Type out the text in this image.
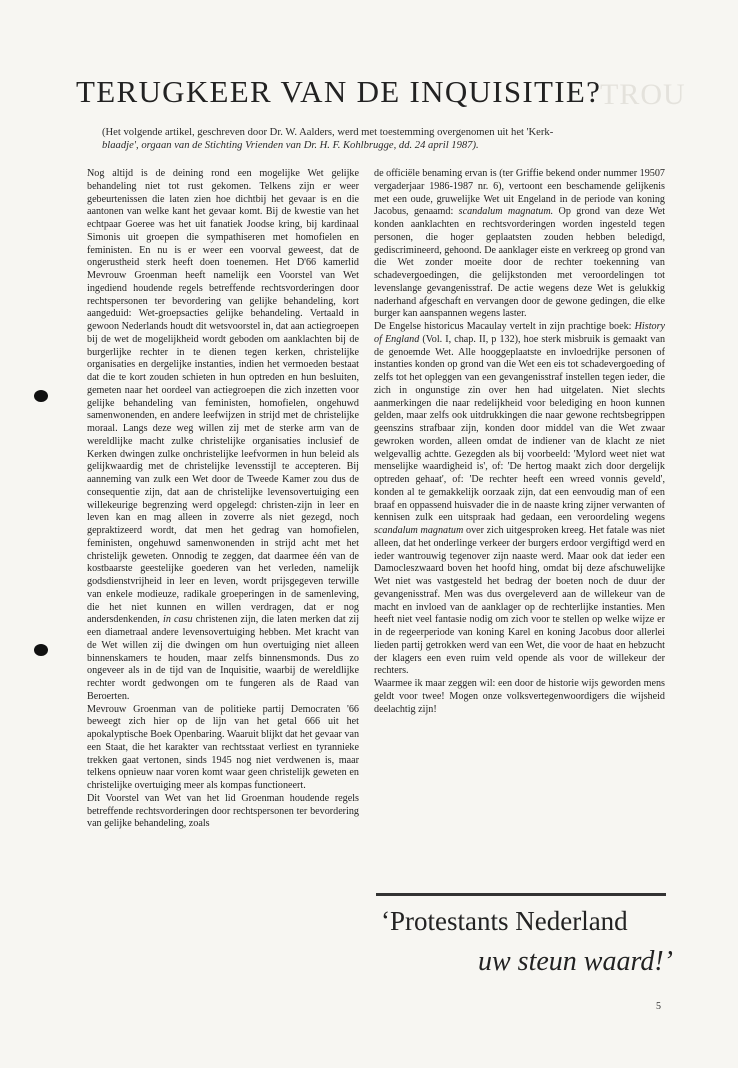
TROU
TERUGKEER VAN DE INQUISITIE?
(Het volgende artikel, geschreven door Dr. W. Aalders, werd met toestemming overgenomen uit het 'Kerk-
blaadje', orgaan van de Stichting Vrienden van Dr. H. F. Kohlbrugge, dd. 24 april 1987).

Nog altijd is de deining rond een mogelijke Wet gelijke behandeling niet tot rust gekomen. Telkens zijn er weer gebeurtenissen die laten zien hoe dichtbij het gevaar is en die aantonen van welke kant het gevaar komt. Bij de kwestie van het echtpaar Goeree was het uit fanatiek Joodse kring, bij kardinaal Simonis uit groepen die sympathiseren met homofielen en feministen. En nu is er weer een voorval geweest, dat de ongerustheid sterk heeft doen toenemen. Het D'66 kamerlid Mevrouw Groenman heeft namelijk een Voorstel van Wet ingediend houdende regels betreffende rechtsvorderingen door rechtspersonen ter bevordering van gelijke behandeling, kort aangeduid: Wet-groepsacties gelijke behandeling. Vertaald in gewoon Nederlands houdt dit wetsvoorstel in, dat aan actiegroepen bij de wet de mogelijkheid wordt geboden om aanklachten bij de burgerlijke rechter in te dienen tegen kerken, christelijke organisaties en dergelijke instanties, indien het vermoeden bestaat dat die te kort zouden schieten in hun optreden en hun besluiten, gemeten naar het oordeel van actiegroepen die zich inzetten voor gelijke behandeling van feministen, homofielen, ongehuwd samenwonenden, en andere leefwijzen in strijd met de christelijke moraal. Langs deze weg willen zij met de sterke arm van de wereldlijke macht zulke christelijke organisaties inclusief de Kerken dwingen zulke onchristelijke leefvormen in hun beleid als gelijkwaardig met de christelijke levensstijl te accepteren. Bij aanneming van zulk een Wet door de Tweede Kamer zou dus de consequentie zijn, dat aan de christelijke levensovertuiging een willekeurige begrenzing werd opgelegd: christen-zijn in leer en leven kan en mag alleen in zoverre als niet gezegd, noch gepraktizeerd wordt, dat men het gedrag van homofielen, feministen, ongehuwd samenwonenden in strijd acht met het christelijk geweten. Onnodig te zeggen, dat daarmee één van de kostbaarste geestelijke goederen van het verleden, namelijk godsdienstvrijheid in leer en leven, wordt prijsgegeven terwille van enkele modieuze, radikale groeperingen in de samenleving, die het niet kunnen en willen verdragen, dat er nog andersdenkenden, in casu christenen zijn, die laten merken dat zij een diametraal andere levensovertuiging hebben. Met kracht van de Wet willen zij die dwingen om hun overtuiging niet alleen binnenskamers te houden, maar zelfs binnensmonds. Dus zo ongeveer als in de tijd van de Inquisitie, waarbij de wereldlijke rechter wordt gedwongen om te fungeren als de Raad van Beroerten.

Mevrouw Groenman van de politieke partij Democraten '66 beweegt zich hier op de lijn van het getal 666 uit het apokalyptische Boek Openbaring. Waaruit blijkt dat het gevaar van een Staat, die het karakter van rechtsstaat verliest en tyrannieke trekken gaat vertonen, sinds 1945 nog niet verdwenen is, maar telkens opnieuw naar voren komt waar geen christelijk geweten en christelijke overtuiging meer als kompas functioneert.

Dit Voorstel van Wet van het lid Groenman houdende regels betreffende rechtsvorderingen door rechtspersonen ter bevordering van gelijke behandeling, zoals

de officiële benaming ervan is (ter Griffie bekend onder nummer 19507 vergaderjaar 1986-1987 nr. 6), vertoont een beschamende gelijkenis met een oude, gruwelijke Wet uit Engeland in de periode van koning Jacobus, genaamd: scandalum magnatum. Op grond van deze Wet konden aanklachten en rechtsvorderingen worden ingesteld tegen personen, die hoger geplaatsten zouden hebben beledigd, gediscrimineerd, gehoond. De aanklager eiste en verkreeg op grond van die Wet zonder moeite door de rechter toekenning van schadevergoedingen, die gelijkstonden met veroordelingen tot levenslange gevangenisstraf. De actie wegens deze Wet is gelukkig naderhand afgeschaft en vervangen door de gewone gedingen, die elke burger kan aanspannen wegens laster.

De Engelse historicus Macaulay vertelt in zijn prachtige boek: History of England (Vol. I, chap. II, p 132), hoe sterk misbruik is gemaakt van de genoemde Wet. Alle hooggeplaatste en invloedrijke personen of instanties konden op grond van die Wet een eis tot schadevergoeding of zelfs tot het opleggen van een gevangenisstraf instellen tegen ieder, die zich in ongunstige zin over hen had uitgelaten. Niet slechts aanmerkingen die naar redelijkheid voor belediging en hoon kunnen gelden, maar zelfs ook uitdrukkingen die naar gewone rechtsbegrippen geenszins strafbaar zijn, konden door middel van die Wet zwaar gewroken worden, alleen omdat de indiener van de klacht ze niet welgevallig achtte. Gezegden als bij voorbeeld: 'Mylord weet niet wat menselijke waardigheid is', of: 'De hertog maakt zich door dergelijk optreden gehaat', of: 'De rechter heeft een wreed vonnis geveld', konden al te gemakkelijk oorzaak zijn, dat een eenvoudig man of een braaf en oppassend huisvader die in de naaste kring zijner verwanten of kennisen zulk een uitspraak had gedaan, een veroordeling wegens scandalum magnatum over zich uitgesproken kreeg. Het fatale was niet alleen, dat het onderlinge verkeer der burgers erdoor vergiftigd werd en ieder wantrouwig tegenover zijn naaste werd. Maar ook dat ieder een Damocleszwaard boven het hoofd hing, omdat bij deze afschuwelijke Wet niet was vastgesteld het bedrag der boeten noch de duur der gevangenisstraf. Men was dus overgeleverd aan de willekeur van de macht en invloed van de aanklager op de rechterlijke instanties. Men heeft niet veel fantasie nodig om zich voor te stellen op welke wijze er in de regeerperiode van koning Karel en koning Jacobus door allerlei lieden partij getrokken werd van een Wet, die voor de haat en hebzucht der klagers een even ruim veld opende als voor de willekeur der rechters.

Waarmee ik maar zeggen wil: een door de historie wijs geworden mens geldt voor twee! Mogen onze volksvertegenwoordigers die wijsheid deelachtig zijn!

‘Protestants Nederland
uw steun waard!’
5
